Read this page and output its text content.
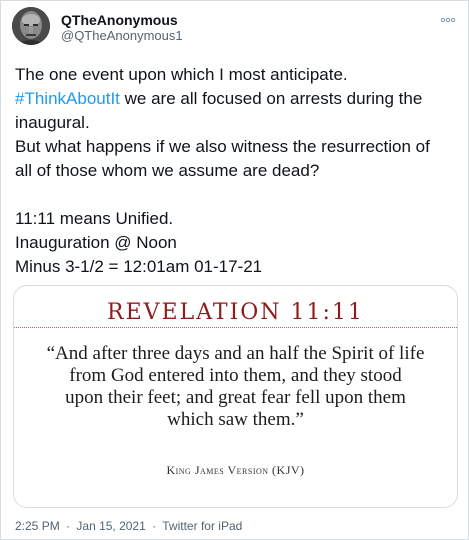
QTheAnonymous
@QTheAnonymous1
The one event upon which I most anticipate.
#ThinkAboutIt we are all focused on arrests during the
inaugural.
But what happens if we also witness the resurrection of
all of those whom we assume are dead?
11:11 means Unified.
Inauguration @ Noon
Minus 3-1/2 = 12:01am 01-17-21
REVELATION 11:11
“And after three days and an half the Spirit of life
from God entered into them, and they stood
upon their feet; and great fear fell upon them
which saw them.”
King James Version (KJV)
2:25 PM · Jan 15, 2021 · Twitter for iPad
